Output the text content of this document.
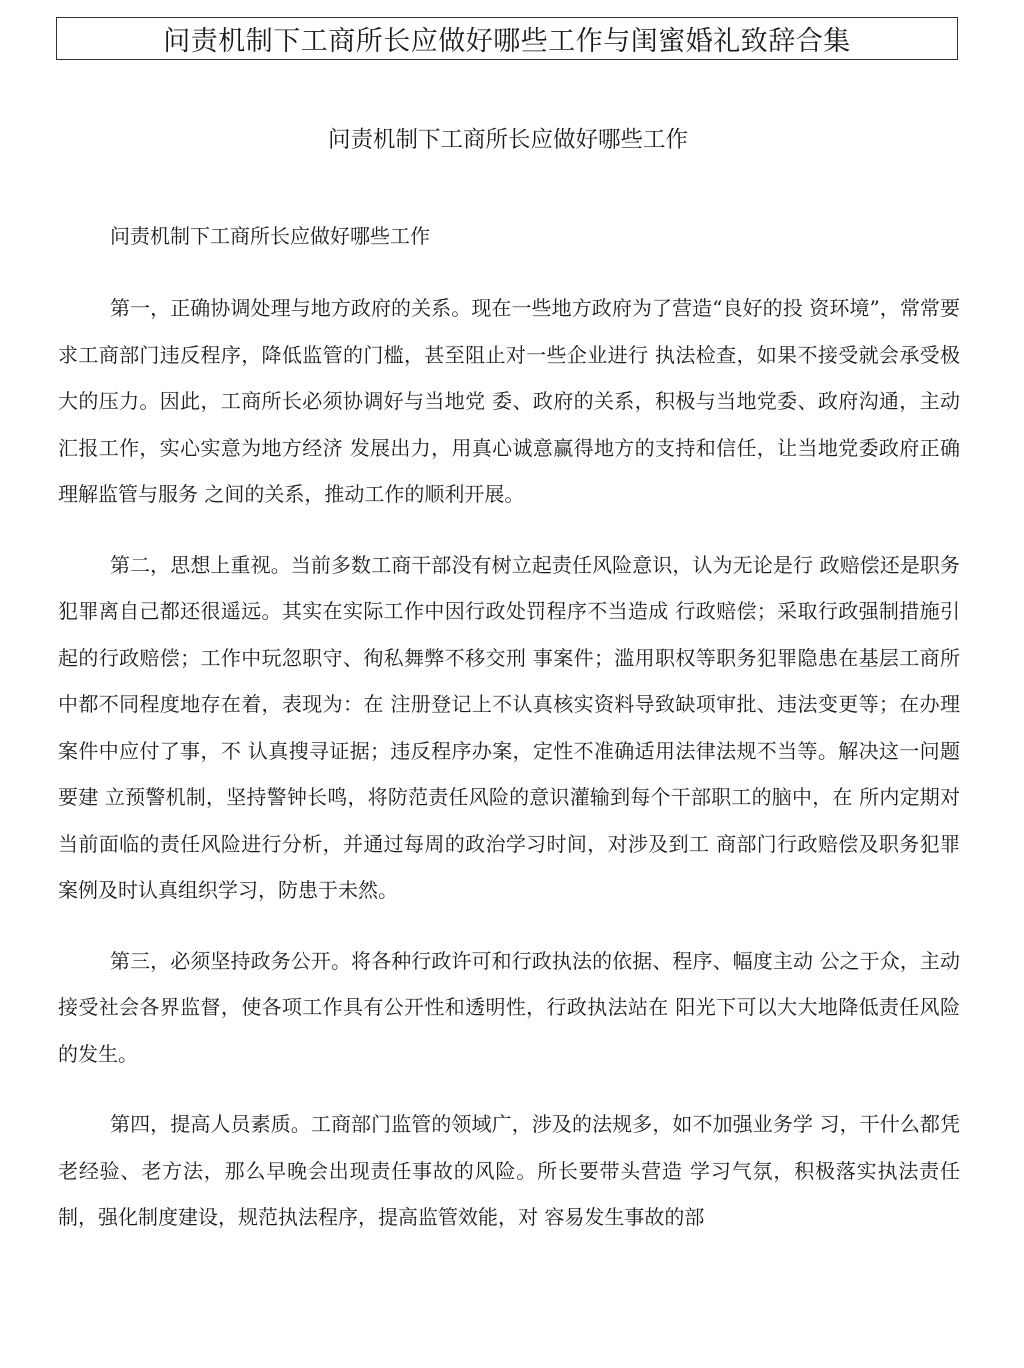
问责机制下工商所长应做好哪些工作与闺蜜婚礼致辞合集
问责机制下工商所长应做好哪些工作

问责机制下工商所长应做好哪些工作

第一，正确协调处理与地方政府的关系。现在一些地方政府为了营造“良好的投 资环境”，常常要求工商部门违反程序，降低监管的门槛，甚至阻止对一些企业进行 执法检查，如果不接受就会承受极大的压力。因此，工商所长必须协调好与当地党 委、政府的关系，积极与当地党委、政府沟通，主动汇报工作，实心实意为地方经济 发展出力，用真心诚意赢得地方的支持和信任，让当地党委政府正确理解监管与服务 之间的关系，推动工作的顺利开展。

第二，思想上重视。当前多数工商干部没有树立起责任风险意识，认为无论是行 政赔偿还是职务犯罪离自己都还很遥远。其实在实际工作中因行政处罚程序不当造成 行政赔偿；采取行政强制措施引起的行政赔偿；工作中玩忽职守、徇私舞弊不移交刑 事案件；滥用职权等职务犯罪隐患在基层工商所中都不同程度地存在着，表现为：在 注册登记上不认真核实资料导致缺项审批、违法变更等；在办理案件中应付了事，不 认真搜寻证据；违反程序办案，定性不准确适用法律法规不当等。解决这一问题要建 立预警机制，坚持警钟长鸣，将防范责任风险的意识灌输到每个干部职工的脑中，在 所内定期对当前面临的责任风险进行分析，并通过每周的政治学习时间，对涉及到工 商部门行政赔偿及职务犯罪案例及时认真组织学习，防患于未然。

第三，必须坚持政务公开。将各种行政许可和行政执法的依据、程序、幅度主动 公之于众，主动接受社会各界监督，使各项工作具有公开性和透明性，行政执法站在 阳光下可以大大地降低责任风险的发生。

第四，提高人员素质。工商部门监管的领域广，涉及的法规多，如不加强业务学 习，干什么都凭老经验、老方法，那么早晚会出现责任事故的风险。所长要带头营造 学习气氛，积极落实执法责任制，强化制度建设，规范执法程序，提高监管效能，对 容易发生事故的部
